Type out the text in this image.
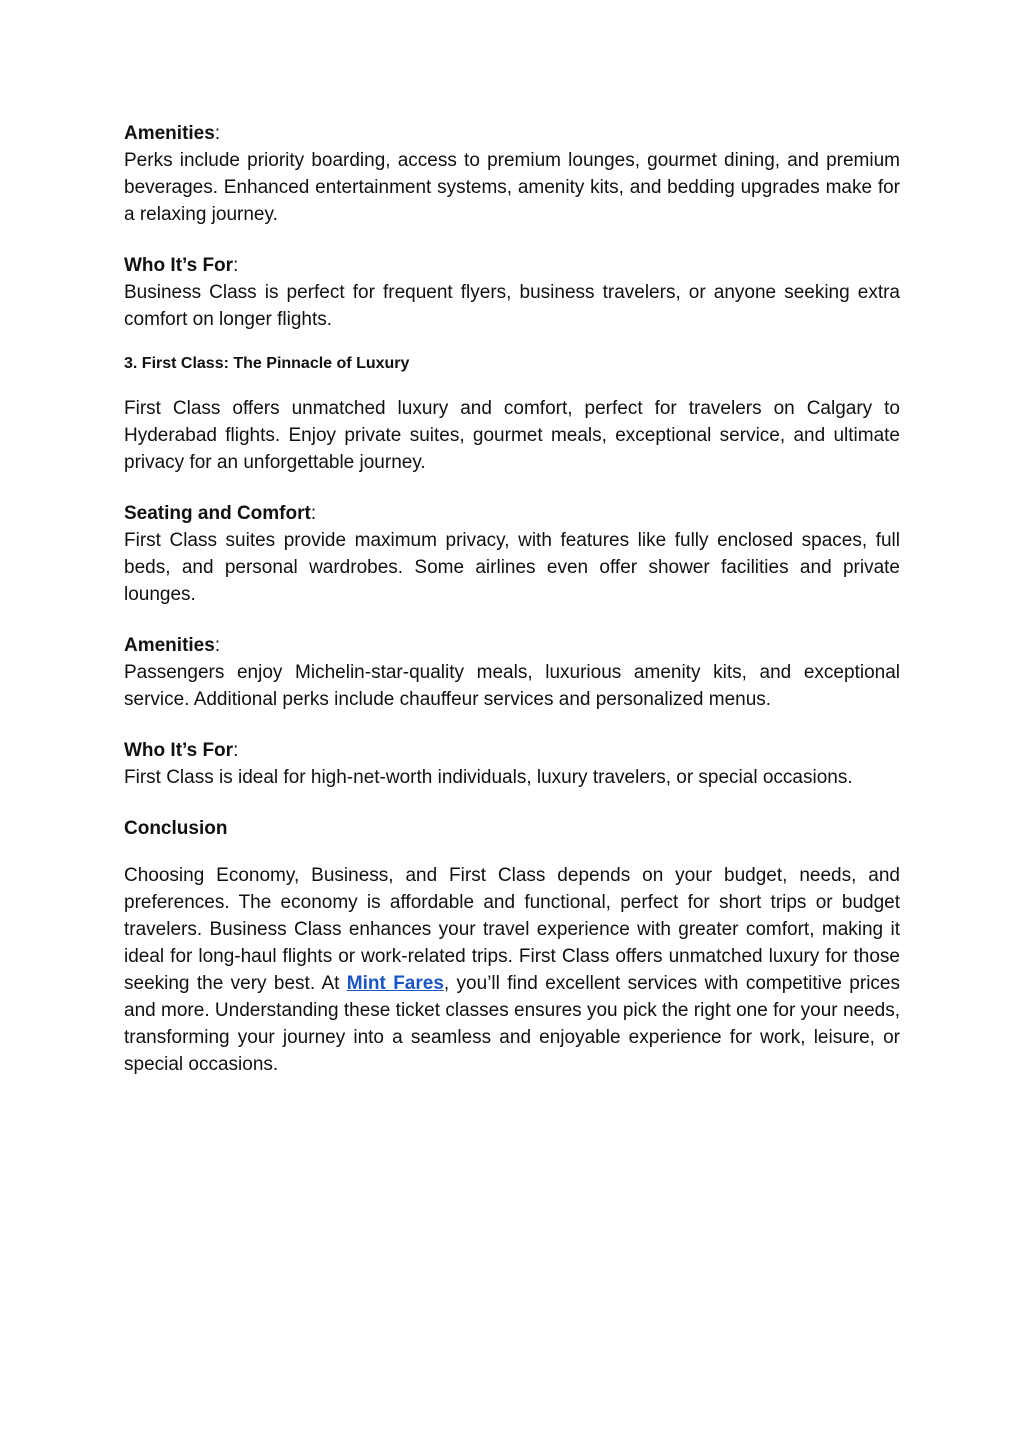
Amenities:

Perks include priority boarding, access to premium lounges, gourmet dining, and premium beverages. Enhanced entertainment systems, amenity kits, and bedding upgrades make for a relaxing journey.

Who It’s For:

Business Class is perfect for frequent flyers, business travelers, or anyone seeking extra comfort on longer flights.

3. First Class: The Pinnacle of Luxury

First Class offers unmatched luxury and comfort, perfect for travelers on Calgary to Hyderabad flights. Enjoy private suites, gourmet meals, exceptional service, and ultimate privacy for an unforgettable journey.

Seating and Comfort:

First Class suites provide maximum privacy, with features like fully enclosed spaces, full beds, and personal wardrobes. Some airlines even offer shower facilities and private lounges.

Amenities:

Passengers enjoy Michelin-star-quality meals, luxurious amenity kits, and exceptional service. Additional perks include chauffeur services and personalized menus.

Who It’s For:

First Class is ideal for high-net-worth individuals, luxury travelers, or special occasions.

Conclusion

Choosing Economy, Business, and First Class depends on your budget, needs, and preferences. The economy is affordable and functional, perfect for short trips or budget travelers. Business Class enhances your travel experience with greater comfort, making it ideal for long-haul flights or work-related trips. First Class offers unmatched luxury for those seeking the very best. At Mint Fares, you’ll find excellent services with competitive prices and more. Understanding these ticket classes ensures you pick the right one for your needs, transforming your journey into a seamless and enjoyable experience for work, leisure, or special occasions.
